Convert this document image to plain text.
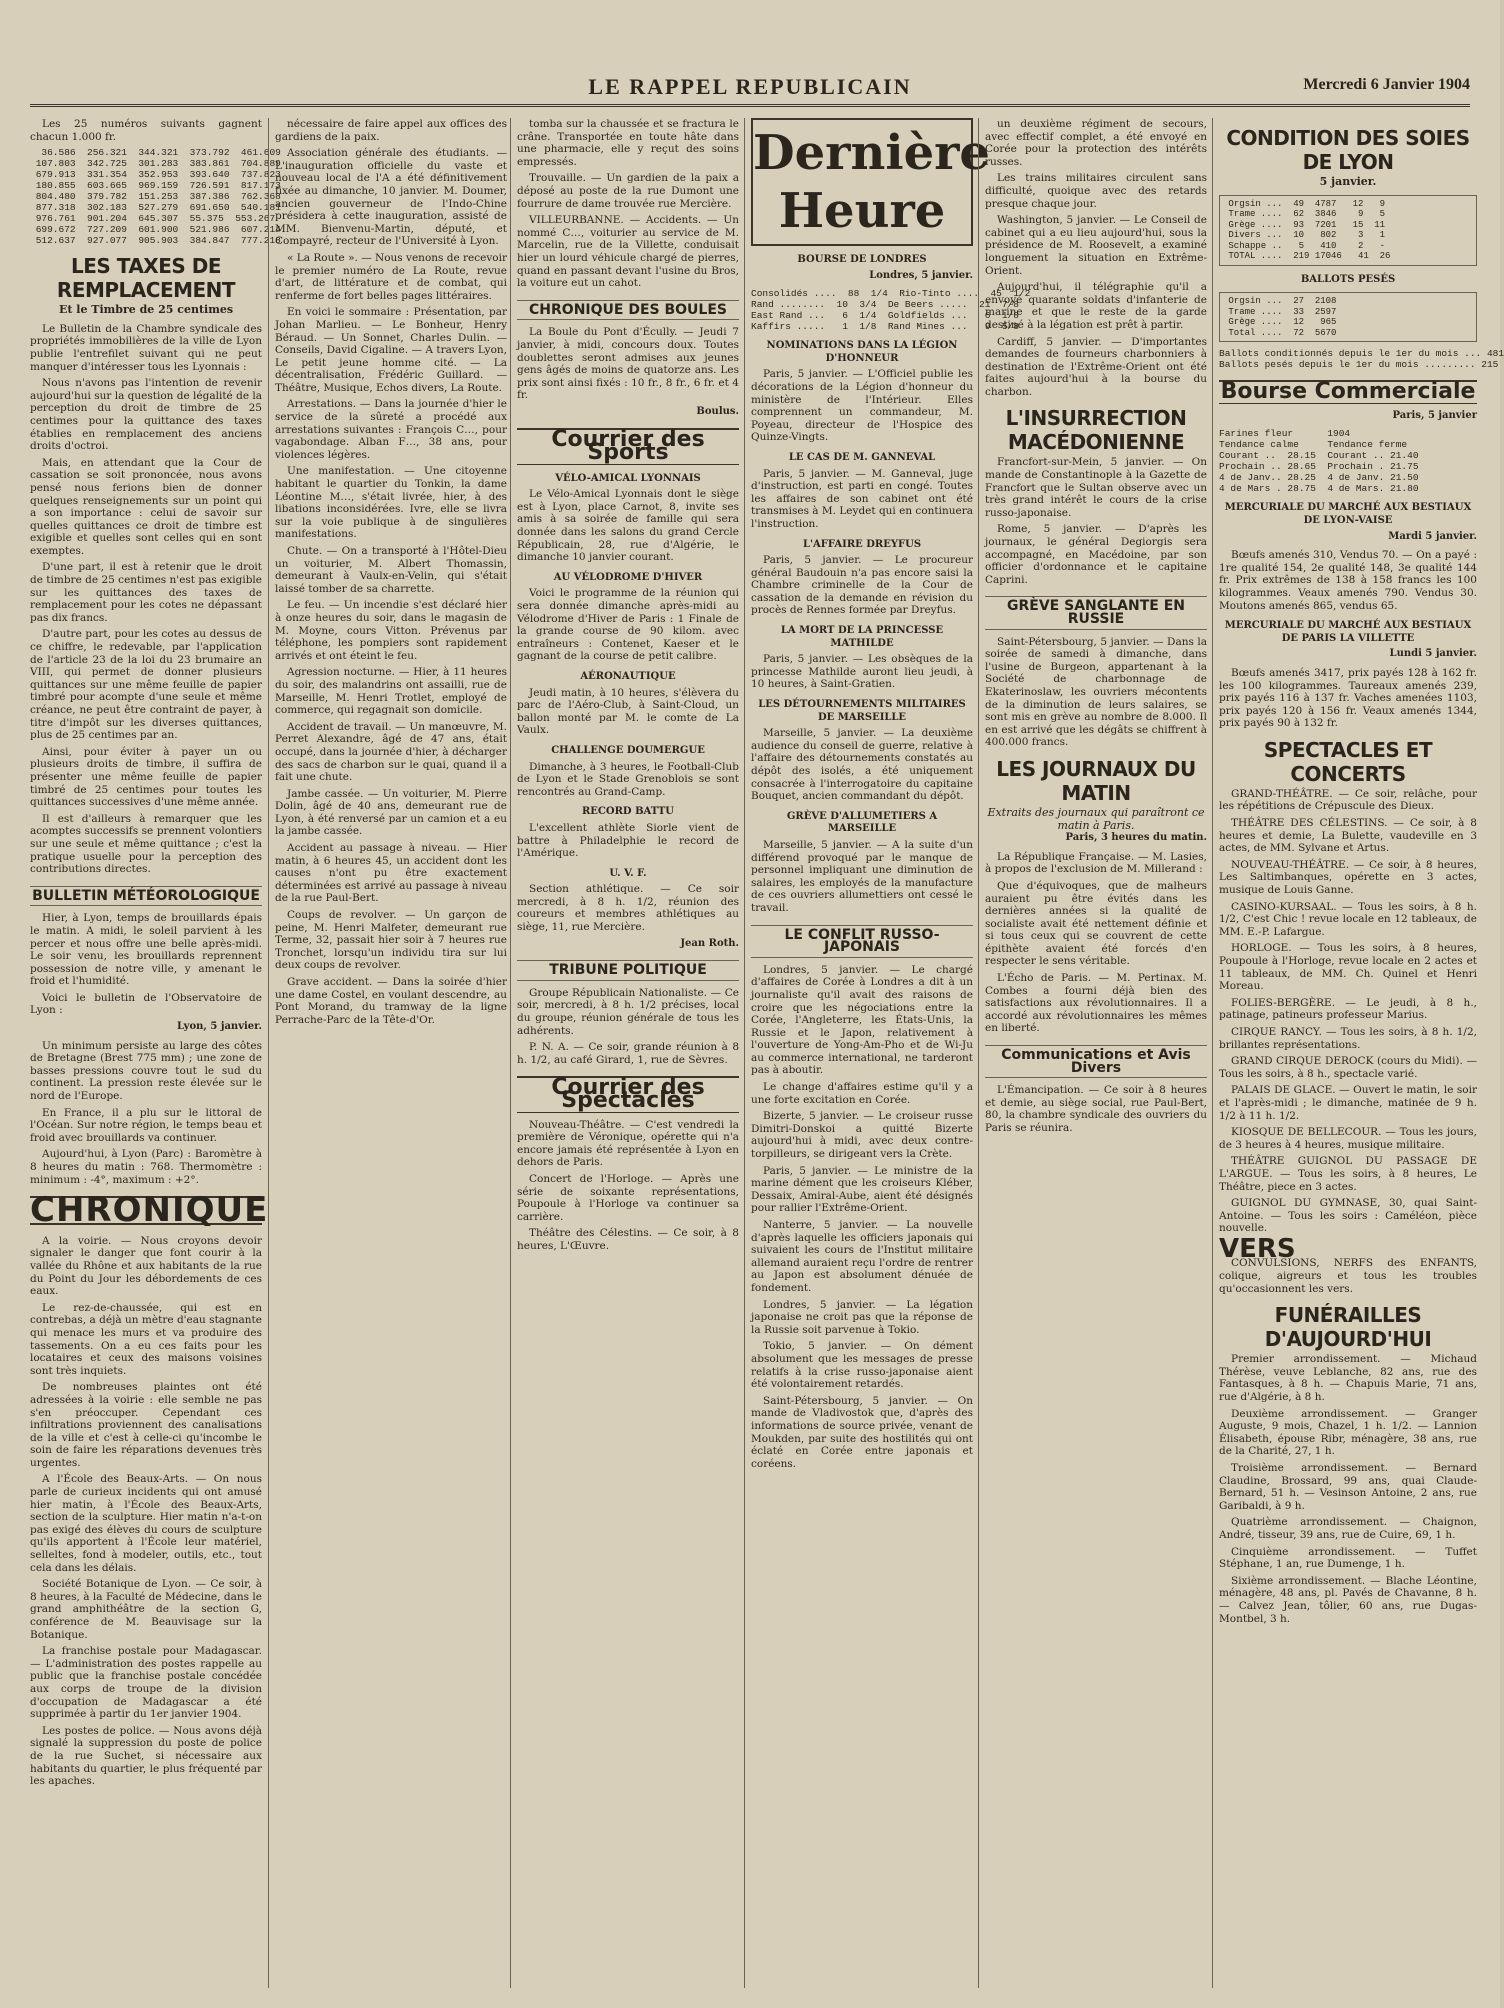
LE RAPPEL REPUBLICAIN	Mercredi 6 Janvier 1904

Les 25 numéros suivants gagnent chacun 1.000 fr.

36.586  256.321  344.321  373.792  461.609
107.803  342.725  301.283  383.861  704.889
679.913  331.354  352.953  393.640  737.823
180.855  603.665  969.159  726.591  817.173
804.480  379.782  151.253  387.386  762.368
877.318  302.183  527.279  691.650  540.181
976.761  901.204  645.307  55.375  553.267
699.672  727.209  601.900  521.986  607.214
512.637  927.077  905.903  384.847  777.218
LES TAXES DE REMPLACEMENT
Et le Timbre de 25 centimes

Le Bulletin de la Chambre syndicale des propriétés immobilières de la ville de Lyon publie l'entrefilet suivant qui ne peut manquer d'intéresser tous les Lyonnais :

Nous n'avons pas l'intention de revenir aujourd'hui sur la question de légalité de la perception du droit de timbre de 25 centimes pour la quittance des taxes établies en remplacement des anciens droits d'octroi.

Mais, en attendant que la Cour de cassation se soit prononcée, nous avons pensé nous ferions bien de donner quelques renseignements sur un point qui a son importance : celui de savoir sur quelles quittances ce droit de timbre est exigible et quelles sont celles qui en sont exemptes.

D'une part, il est à retenir que le droit de timbre de 25 centimes n'est pas exigible sur les quittances des taxes de remplacement pour les cotes ne dépassant pas dix francs.

D'autre part, pour les cotes au dessus de ce chiffre, le redevable, par l'application de l'article 23 de la loi du 23 brumaire an VIII, qui permet de donner plusieurs quittances sur une même feuille de papier timbré pour acompte d'une seule et même créance, ne peut être contraint de payer, à titre d'impôt sur les diverses quittances, plus de 25 centimes par an.

Ainsi, pour éviter à payer un ou plusieurs droits de timbre, il suffira de présenter une même feuille de papier timbré de 25 centimes pour toutes les quittances successives d'une même année.

Il est d'ailleurs à remarquer que les acomptes successifs se prennent volontiers sur une seule et même quittance ; c'est la pratique usuelle pour la perception des contributions directes.

BULLETIN MÉTÉOROLOGIQUE

Hier, à Lyon, temps de brouillards épais le matin. A midi, le soleil parvient à les percer et nous offre une belle après-midi. Le soir venu, les brouillards reprennent possession de notre ville, y amenant le froid et l'humidité.

Voici le bulletin de l'Observatoire de Lyon :

Lyon, 5 janvier.

Un minimum persiste au large des côtes de Bretagne (Brest 775 mm) ; une zone de basses pressions couvre tout le sud du continent. La pression reste élevée sur le nord de l'Europe.

En France, il a plu sur le littoral de l'Océan. Sur notre région, le temps beau et froid avec brouillards va continuer.

Aujourd'hui, à Lyon (Parc) : Baromètre à 8 heures du matin : 768. Thermomètre : minimum : -4°, maximum : +2°.

CHRONIQUE

A la voirie. — Nous croyons devoir signaler le danger que font courir à la vallée du Rhône et aux habitants de la rue du Point du Jour les débordements de ces eaux.

Le rez-de-chaussée, qui est en contrebas, a déjà un mètre d'eau stagnante qui menace les murs et va produire des tassements. On a eu ces faits pour les locataires et ceux des maisons voisines sont très inquiets.

De nombreuses plaintes ont été adressées à la voirie : elle semble ne pas s'en préoccuper. Cependant ces infiltrations proviennent des canalisations de la ville et c'est à celle-ci qu'incombe le soin de faire les réparations devenues très urgentes.

A l'École des Beaux-Arts. — On nous parle de curieux incidents qui ont amusé hier matin, à l'École des Beaux-Arts, section de la sculpture. Hier matin n'a-t-on pas exigé des élèves du cours de sculpture qu'ils apportent à l'École leur matériel, selleltes, fond à modeler, outils, etc., tout cela dans les délais.

Société Botanique de Lyon. — Ce soir, à 8 heures, à la Faculté de Médecine, dans le grand amphithéâtre de la section G, conférence de M. Beauvisage sur la Botanique.

La franchise postale pour Madagascar. — L'administration des postes rappelle au public que la franchise postale concédée aux corps de troupe de la division d'occupation de Madagascar a été supprimée à partir du 1er janvier 1904.

Les postes de police. — Nous avons déjà signalé la suppression du poste de police de la rue Suchet, si nécessaire aux habitants du quartier, le plus fréquenté par les apaches.

nécessaire de faire appel aux offices des gardiens de la paix.

Association générale des étudiants. — L'inauguration officielle du vaste et nouveau local de l'A a été définitivement fixée au dimanche, 10 janvier. M. Doumer, ancien gouverneur de l'Indo-Chine présidera à cette inauguration, assisté de MM. Bienvenu-Martin, député, et Compayré, recteur de l'Université à Lyon.

« La Route ». — Nous venons de recevoir le premier numéro de La Route, revue d'art, de littérature et de combat, qui renferme de fort belles pages littéraires.

En voici le sommaire : Présentation, par Johan Marlieu. — Le Bonheur, Henry Béraud. — Un Sonnet, Charles Dulin. — Conseils, David Cigaline. — A travers Lyon, Le petit jeune homme cité. — La décentralisation, Frédéric Guillard. — Théâtre, Musique, Echos divers, La Route.

Arrestations. — Dans la journée d'hier le service de la sûreté a procédé aux arrestations suivantes : François C…, pour vagabondage. Alban F…, 38 ans, pour violences légères.

Une manifestation. — Une citoyenne habitant le quartier du Tonkin, la dame Léontine M…, s'était livrée, hier, à des libations inconsidérées. Ivre, elle se livra sur la voie publique à de singulières manifestations.

Chute. — On a transporté à l'Hôtel-Dieu un voiturier, M. Albert Thomassin, demeurant à Vaulx-en-Velin, qui s'était laissé tomber de sa charrette.

Le feu. — Un incendie s'est déclaré hier à onze heures du soir, dans le magasin de M. Moyne, cours Vitton. Prévenus par téléphone, les pompiers sont rapidement arrivés et ont éteint le feu.

Agression nocturne. — Hier, à 11 heures du soir, des malandrins ont assailli, rue de Marseille, M. Henri Trotlet, employé de commerce, qui regagnait son domicile.

Accident de travail. — Un manœuvre, M. Perret Alexandre, âgé de 47 ans, était occupé, dans la journée d'hier, à décharger des sacs de charbon sur le quai, quand il a fait une chute.

Jambe cassée. — Un voiturier, M. Pierre Dolin, âgé de 40 ans, demeurant rue de Lyon, à été renversé par un camion et a eu la jambe cassée.

Accident au passage à niveau. — Hier matin, à 6 heures 45, un accident dont les causes n'ont pu être exactement déterminées est arrivé au passage à niveau de la rue Paul-Bert.

Coups de revolver. — Un garçon de peine, M. Henri Malfeter, demeurant rue Terme, 32, passait hier soir à 7 heures rue Tronchet, lorsqu'un individu tira sur lui deux coups de revolver.

Grave accident. — Dans la soirée d'hier une dame Costel, en voulant descendre, au Pont Morand, du tramway de la ligne Perrache-Parc de la Tête-d'Or.

tomba sur la chaussée et se fractura le crâne. Transportée en toute hâte dans une pharmacie, elle y reçut des soins empressés.

Trouvaille. — Un gardien de la paix a déposé au poste de la rue Dumont une fourrure de dame trouvée rue Mercière.

VILLEURBANNE. — Accidents. — Un nommé C…, voiturier au service de M. Marcelin, rue de la Villette, conduisait hier un lourd véhicule chargé de pierres, quand en passant devant l'usine du Bros, la voiture eut un cahot.

CHRONIQUE DES BOULES

La Boule du Pont d'Écully. — Jeudi 7 janvier, à midi, concours doux. Toutes doublettes seront admises aux jeunes gens âgés de moins de quatorze ans. Les prix sont ainsi fixés : 10 fr., 8 fr., 6 fr. et 4 fr.

Boulus.
Courrier des Sports
VÉLO-AMICAL LYONNAIS

Le Vélo-Amical Lyonnais dont le siège est à Lyon, place Carnot, 8, invite ses amis à sa soirée de famille qui sera donnée dans les salons du grand Cercle Républicain, 28, rue d'Algérie, le dimanche 10 janvier courant.

AU VÉLODROME D'HIVER

Voici le programme de la réunion qui sera donnée dimanche après-midi au Vélodrome d'Hiver de Paris : 1 Finale de la grande course de 90 kilom. avec entraîneurs : Contenet, Kaeser et le gagnant de la course de petit calibre.

AÉRONAUTIQUE

Jeudi matin, à 10 heures, s'élèvera du parc de l'Aéro-Club, à Saint-Cloud, un ballon monté par M. le comte de La Vaulx.

CHALLENGE DOUMERGUE

Dimanche, à 3 heures, le Football-Club de Lyon et le Stade Grenoblois se sont rencontrés au Grand-Camp.

RECORD BATTU

L'excellent athlète Siorle vient de battre à Philadelphie le record de l'Amérique.

U. V. F.

Section athlétique. — Ce soir mercredi, à 8 h. 1/2, réunion des coureurs et membres athlétiques au siège, 11, rue Mercière.

Jean Roth.
TRIBUNE POLITIQUE

Groupe Républicain Nationaliste. — Ce soir, mercredi, à 8 h. 1/2 précises, local du groupe, réunion générale de tous les adhérents.

P. N. A. — Ce soir, grande réunion à 8 h. 1/2, au café Girard, 1, rue de Sèvres.

Courrier des Spectacles

Nouveau-Théâtre. — C'est vendredi la première de Véronique, opérette qui n'a encore jamais été représentée à Lyon en dehors de Paris.

Concert de l'Horloge. — Après une série de soixante représentations, Poupoule à l'Horloge va continuer sa carrière.

Théâtre des Célestins. — Ce soir, à 8 heures, L'Œuvre.

Dernière Heure
BOURSE DE LONDRES
Londres, 5 janvier.
Consolidés ....  88  1/4  Rio-Tinto ....  45  1/2
Rand ........  10  3/4  De Beers .....  21  7/8
East Rand ...   6  1/4  Goldfields ...   6  1/8
Kaffirs .....   1  1/8  Rand Mines ...   9  5/8
NOMINATIONS DANS LA LÉGION D'HONNEUR

Paris, 5 janvier. — L'Officiel publie les décorations de la Légion d'honneur du ministère de l'Intérieur. Elles comprennent un commandeur, M. Poyeau, directeur de l'Hospice des Quinze-Vingts.

LE CAS DE M. GANNEVAL

Paris, 5 janvier. — M. Ganneval, juge d'instruction, est parti en congé. Toutes les affaires de son cabinet ont été transmises à M. Leydet qui en continuera l'instruction.

L'AFFAIRE DREYFUS

Paris, 5 janvier. — Le procureur général Baudouin n'a pas encore saisi la Chambre criminelle de la Cour de cassation de la demande en révision du procès de Rennes formée par Dreyfus.

LA MORT DE LA PRINCESSE MATHILDE

Paris, 5 janvier. — Les obsèques de la princesse Mathilde auront lieu jeudi, à 10 heures, à Saint-Gratien.

LES DÉTOURNEMENTS MILITAIRES DE MARSEILLE

Marseille, 5 janvier. — La deuxième audience du conseil de guerre, relative à l'affaire des détournements constatés au dépôt des isolés, a été uniquement consacrée à l'interrogatoire du capitaine Bouquet, ancien commandant du dépôt.

GRÈVE D'ALLUMETIERS A MARSEILLE

Marseille, 5 janvier. — A la suite d'un différend provoqué par le manque de personnel impliquant une diminution de salaires, les employés de la manufacture de ces ouvriers allumettiers ont cessé le travail.

LE CONFLIT RUSSO-JAPONAIS

Londres, 5 janvier. — Le chargé d'affaires de Corée à Londres a dit à un journaliste qu'il avait des raisons de croire que les négociations entre la Corée, l'Angleterre, les États-Unis, la Russie et le Japon, relativement à l'ouverture de Yong-Am-Pho et de Wi-Ju au commerce international, ne tarderont pas à aboutir.

Le change d'affaires estime qu'il y a une forte excitation en Corée.

Bizerte, 5 janvier. — Le croiseur russe Dimitri-Donskoi a quitté Bizerte aujourd'hui à midi, avec deux contre-torpilleurs, se dirigeant vers la Crète.

Paris, 5 janvier. — Le ministre de la marine dément que les croiseurs Kléber, Dessaix, Amiral-Aube, aient été désignés pour rallier l'Extrême-Orient.

Nanterre, 5 janvier. — La nouvelle d'après laquelle les officiers japonais qui suivaient les cours de l'Institut militaire allemand auraient reçu l'ordre de rentrer au Japon est absolument dénuée de fondement.

Londres, 5 janvier. — La légation japonaise ne croit pas que la réponse de la Russie soit parvenue à Tokio.

Tokio, 5 janvier. — On dément absolument que les messages de presse relatifs à la crise russo-japonaise aient été volontairement retardés.

Saint-Pétersbourg, 5 janvier. — On mande de Vladivostok que, d'après des informations de source privée, venant de Moukden, par suite des hostilités qui ont éclaté en Corée entre japonais et coréens.

un deuxième régiment de secours, avec effectif complet, a été envoyé en Corée pour la protection des intérêts russes.

Les trains militaires circulent sans difficulté, quoique avec des retards presque chaque jour.

Washington, 5 janvier. — Le Conseil de cabinet qui a eu lieu aujourd'hui, sous la présidence de M. Roosevelt, a examiné longuement la situation en Extrême-Orient.

Aujourd'hui, il télégraphie qu'il a envoyé quarante soldats d'infanterie de marine et que le reste de la garde destiné à la légation est prêt à partir.

Cardiff, 5 janvier. — D'importantes demandes de fourneurs charbonniers à destination de l'Extrême-Orient ont été faites aujourd'hui à la bourse du charbon.

L'INSURRECTION MACÉDONIENNE

Francfort-sur-Mein, 5 janvier. — On mande de Constantinople à la Gazette de Francfort que le Sultan observe avec un très grand intérêt le cours de la crise russo-japonaise.

Rome, 5 janvier. — D'après les journaux, le général Degiorgis sera accompagné, en Macédoine, par son officier d'ordonnance et le capitaine Caprini.

GRÈVE SANGLANTE EN RUSSIE

Saint-Pétersbourg, 5 janvier. — Dans la soirée de samedi à dimanche, dans l'usine de Burgeon, appartenant à la Société de charbonnage de Ekaterinoslaw, les ouvriers mécontents de la diminution de leurs salaires, se sont mis en grève au nombre de 8.000. Il en est arrivé que les dégâts se chiffrent à 400.000 francs.

LES JOURNAUX DU MATIN
Extraits des journaux qui paraîtront ce matin à Paris.
Paris, 3 heures du matin.

La République Française. — M. Lasies, à propos de l'exclusion de M. Millerand :

Que d'équivoques, que de malheurs auraient pu être évités dans les dernières années si la qualité de socialiste avait été nettement définie et si tous ceux qui se couvrent de cette épithète avaient été forcés d'en respecter le sens véritable.

L'Écho de Paris. — M. Pertinax. M. Combes a fourni déjà bien des satisfactions aux révolutionnaires. Il a accordé aux révolutionnaires les mêmes en liberté.

Communications et Avis Divers

L'Émancipation. — Ce soir à 8 heures et demie, au siège social, rue Paul-Bert, 80, la chambre syndicale des ouvriers du Paris se réunira.

CONDITION DES SOIES DE LYON
5 janvier.
Orgsin ...  49  4787   12   9
Trame ....  62  3846    9   5
Grège ....  93  7201   15  11
Divers ...  10   802    3   1
Schappe ..   5   410    2   -
TOTAL ....  219 17046   41  26
BALLOTS PESÉS
Orgsin ...  27  2108
Trame ....  33  2597
Grège ....  12   965
Total ....  72  5670
Ballots conditionnés depuis le 1er du mois ... 481
Ballots pesés depuis le 1er du mois ......... 215
Bourse Commerciale
Paris, 5 janvier
Farines fleur      1904
Tendance calme     Tendance ferme
Courant ..  28.15  Courant .. 21.40
Prochain .. 28.65  Prochain . 21.75
4 de Janv.. 28.25  4 de Janv. 21.50
4 de Mars . 28.75  4 de Mars. 21.80
MERCURIALE DU MARCHÉ AUX BESTIAUX DE LYON-VAISE
Mardi 5 janvier.

Bœufs amenés 310, Vendus 70. — On a payé : 1re qualité 154, 2e qualité 148, 3e qualité 144 fr. Prix extrêmes de 138 à 158 francs les 100 kilogrammes. Veaux amenés 790. Vendus 30. Moutons amenés 865, vendus 65.

MERCURIALE DU MARCHÉ AUX BESTIAUX DE PARIS LA VILLETTE
Lundi 5 janvier.

Bœufs amenés 3417, prix payés 128 à 162 fr. les 100 kilogrammes. Taureaux amenés 239, prix payés 116 à 137 fr. Vaches amenées 1103, prix payés 120 à 156 fr. Veaux amenés 1344, prix payés 90 à 132 fr.

SPECTACLES ET CONCERTS

GRAND-THÉÂTRE. — Ce soir, relâche, pour les répétitions de Crépuscule des Dieux.

THÉÂTRE DES CÉLESTINS. — Ce soir, à 8 heures et demie, La Bulette, vaudeville en 3 actes, de MM. Sylvane et Artus.

NOUVEAU-THÉÂTRE. — Ce soir, à 8 heures, Les Saltimbanques, opérette en 3 actes, musique de Louis Ganne.

CASINO-KURSAAL. — Tous les soirs, à 8 h. 1/2, C'est Chic ! revue locale en 12 tableaux, de MM. E.-P. Lafargue.

HORLOGE. — Tous les soirs, à 8 heures, Poupoule à l'Horloge, revue locale en 2 actes et 11 tableaux, de MM. Ch. Quinel et Henri Moreau.

FOLIES-BERGÈRE. — Le jeudi, à 8 h., patinage, patineurs professeur Marius.

CIRQUE RANCY. — Tous les soirs, à 8 h. 1/2, brillantes représentations.

GRAND CIRQUE DEROCK (cours du Midi). — Tous les soirs, à 8 h., spectacle varié.

PALAIS DE GLACE. — Ouvert le matin, le soir et l'après-midi ; le dimanche, matinée de 9 h. 1/2 à 11 h. 1/2.

KIOSQUE DE BELLECOUR. — Tous les jours, de 3 heures à 4 heures, musique militaire.

THÉÂTRE GUIGNOL DU PASSAGE DE L'ARGUE. — Tous les soirs, à 8 heures, Le Théâtre, piece en 3 actes.

GUIGNOL DU GYMNASE, 30, quai Saint-Antoine. — Tous les soirs : Caméléon, pièce nouvelle.

VERS

CONVULSIONS, NERFS des ENFANTS, colique, aigreurs et tous les troubles qu'occasionnent les vers.

FUNÉRAILLES D'AUJOURD'HUI

Premier arrondissement. — Michaud Thérèse, veuve Leblanche, 82 ans, rue des Fantasques, à 8 h. — Chapuis Marie, 71 ans, rue d'Algérie, à 8 h.

Deuxième arrondissement. — Granger Auguste, 9 mois, Chazel, 1 h. 1/2. — Lannion Élisabeth, épouse Ribr, ménagère, 38 ans, rue de la Charité, 27, 1 h.

Troisième arrondissement. — Bernard Claudine, Brossard, 99 ans, quai Claude-Bernard, 51 h. — Vesinson Antoine, 2 ans, rue Garibaldi, à 9 h.

Quatrième arrondissement. — Chaignon, André, tisseur, 39 ans, rue de Cuire, 69, 1 h.

Cinquième arrondissement. — Tuffet Stéphane, 1 an, rue Dumenge, 1 h.

Sixième arrondissement. — Blache Léontine, ménagère, 48 ans, pl. Pavés de Chavanne, 8 h. — Calvez Jean, tôlier, 60 ans, rue Dugas-Montbel, 3 h.
